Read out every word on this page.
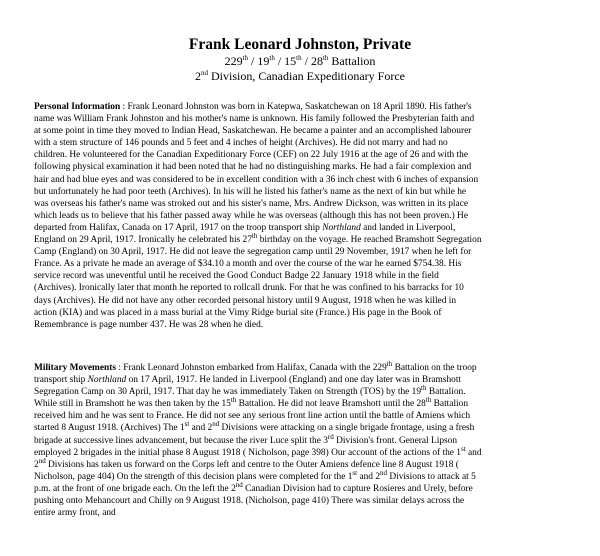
Frank Leonard Johnston, Private

229th / 19th / 15th / 28th Battalion

2nd Division, Canadian Expeditionary Force

Personal Information : Frank Leonard Johnston was born in Katepwa, Saskatchewan on 18 April 1890. His father's
name was William Frank Johnston and his mother's name is unknown. His family followed the Presbyterian faith and
at some point in time they moved to Indian Head, Saskatchewan. He became a painter and an accomplished labourer
with a stem structure of 146 pounds and 5 feet and 4 inches of height (Archives). He did not marry and had no
children. He volunteered for the Canadian Expeditionary Force (CEF) on 22 July 1916 at the age of 26 and with the
following physical examination it had been noted that he had no distinguishing marks. He had a fair complexion and
hair and had blue eyes and was considered to be in excellent condition with a 36 inch chest with 6 inches of expansion
but unfortunately he had poor teeth (Archives). In his will he listed his father's name as the next of kin but while he
was overseas his father's name was stroked out and his sister's name, Mrs. Andrew Dickson, was written in its place
which leads us to believe that his father passed away while he was overseas (although this has not been proven.) He
departed from Halifax, Canada on 17 April, 1917 on the troop transport ship Northland and landed in Liverpool,
England on 29 April, 1917. Ironically he celebrated his 27th birthday on the voyage. He reached Bramshott Segregation
Camp (England) on 30 April, 1917. He did not leave the segregation camp until 29 November, 1917 when he left for
France. As a private he made an average of $34.10 a month and over the course of the war he earned $754.38. His
service record was uneventful until he received the Good Conduct Badge 22 January 1918 while in the field
(Archives). Ironically later that month he reported to rollcall drunk. For that he was confined to his barracks for 10
days (Archives). He did not have any other recorded personal history until 9 August, 1918 when he was killed in
action (KIA) and was placed in a mass burial at the Vimy Ridge burial site (France.) His page in the Book of
Remembrance is page number 437. He was 28 when he died.
Military Movements : Frank Leonard Johnston embarked from Halifax, Canada with the 229th Battalion on the troop
transport ship Northland on 17 April, 1917. He landed in Liverpool (England) and one day later was in Bramshott
Segregation Camp on 30 April, 1917. That day he was immediately Taken on Strength (TOS) by the 19th Battalion.
While still in Bramshott he was then taken by the 15th Battalion. He did not leave Bramshott until the 28th Battalion
received him and he was sent to France. He did not see any serious front line action until the battle of Amiens which
started 8 August 1918. (Archives) The 1st and 2nd Divisions were attacking on a single brigade frontage, using a fresh
brigade at successive lines advancement, but because the river Luce split the 3rd Division's front. General Lipson
employed 2 brigades in the initial phase 8 August 1918 ( Nicholson, page 398) Our account of the actions of the 1st and
2nd Divisions has taken us forward on the Corps left and centre to the Outer Amiens defence line 8 August 1918 (
Nicholson, page 404) On the strength of this decision plans were completed for the 1st and 2nd Divisions to attack at 5
p.m. at the front of one brigade each. On the left the 2nd Canadian Division had to capture Rosieres and Urely, before
pushing onto Mehancourt and Chilly on 9 August 1918. (Nicholson, page 410) There was similar delays across the
entire army front, and
